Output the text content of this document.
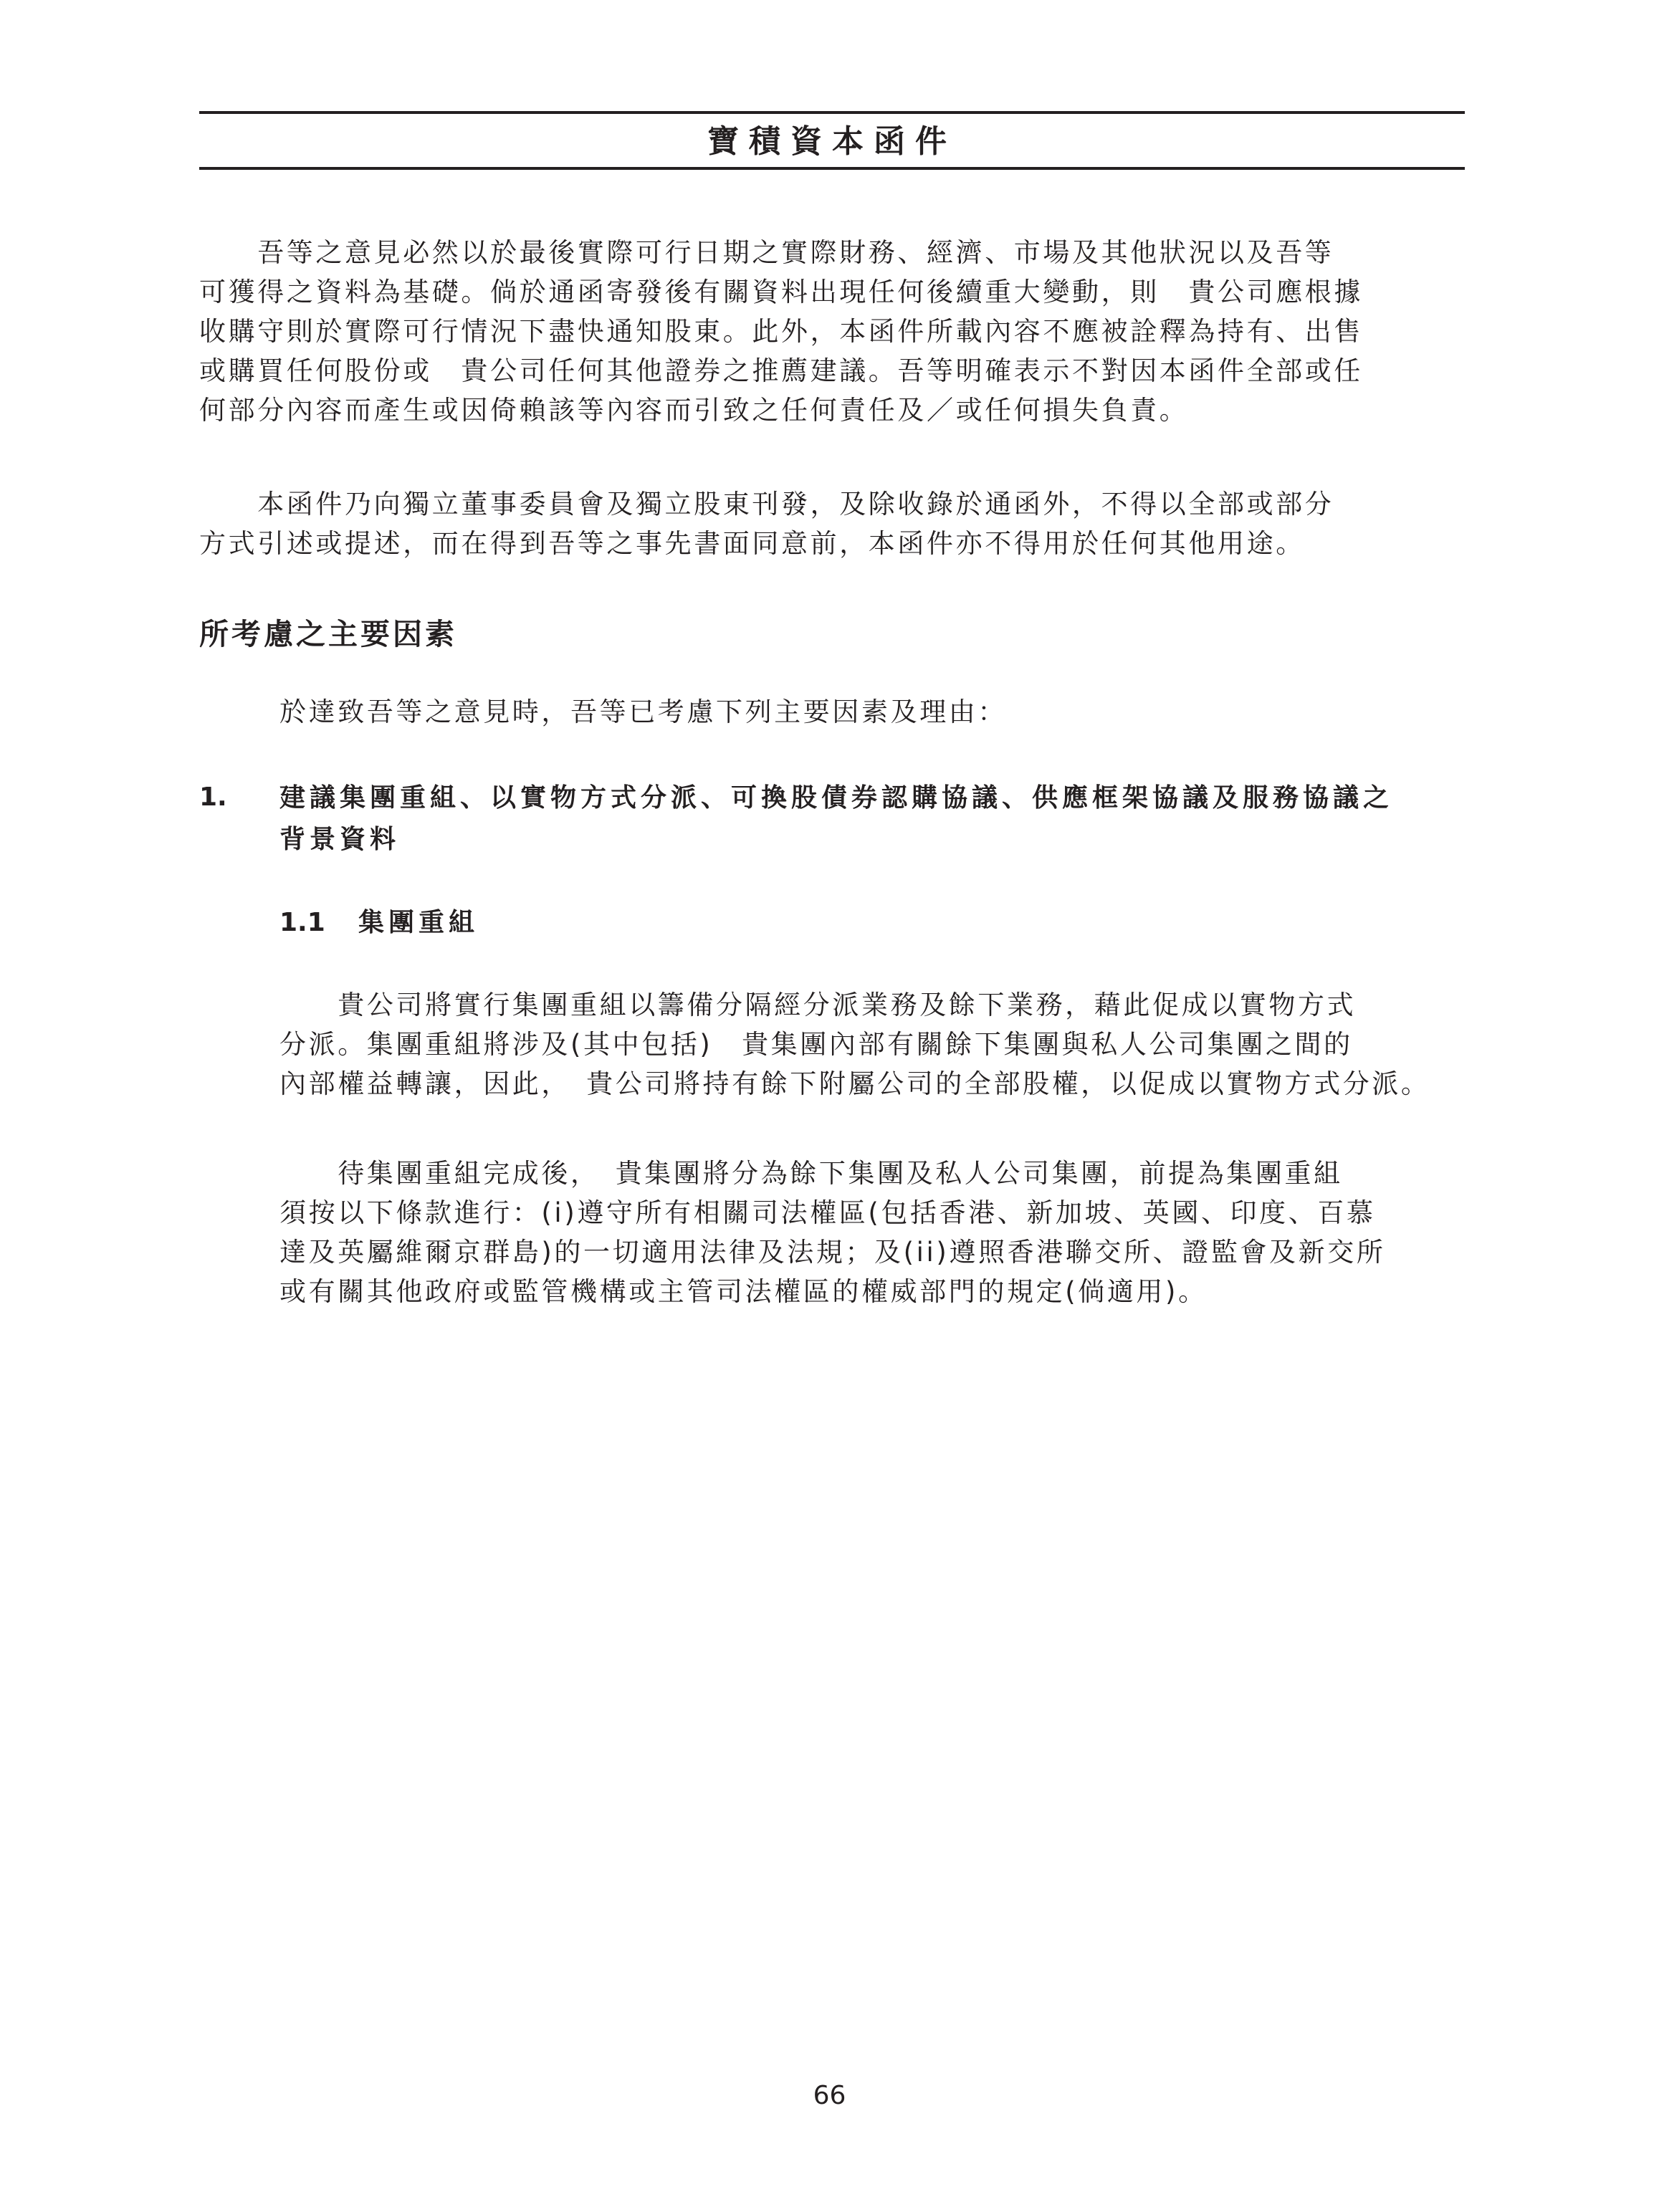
寶積資本函件

　　吾等之意見必然以於最後實際可行日期之實際財務、經濟、市場及其他狀況以及吾等
可獲得之資料為基礎。倘於通函寄發後有關資料出現任何後續重大變動，則　貴公司應根據
收購守則於實際可行情況下盡快通知股東。此外，本函件所載內容不應被詮釋為持有、出售
或購買任何股份或　貴公司任何其他證券之推薦建議。吾等明確表示不對因本函件全部或任
何部分內容而產生或因倚賴該等內容而引致之任何責任及／或任何損失負責。

　　本函件乃向獨立董事委員會及獨立股東刊發，及除收錄於通函外，不得以全部或部分
方式引述或提述，而在得到吾等之事先書面同意前，本函件亦不得用於任何其他用途。

所考慮之主要因素

於達致吾等之意見時，吾等已考慮下列主要因素及理由：

1. 建議集團重組、以實物方式分派、可換股債券認購協議、供應框架協議及服務協議之
背景資料
1.1 集團重組

　　貴公司將實行集團重組以籌備分隔經分派業務及餘下業務，藉此促成以實物方式
分派。集團重組將涉及(其中包括)　貴集團內部有關餘下集團與私人公司集團之間的
內部權益轉讓，因此，　貴公司將持有餘下附屬公司的全部股權，以促成以實物方式分派。

　　待集團重組完成後，　貴集團將分為餘下集團及私人公司集團，前提為集團重組
須按以下條款進行：(i)遵守所有相關司法權區(包括香港、新加坡、英國、印度、百慕
達及英屬維爾京群島)的一切適用法律及法規；及(ii)遵照香港聯交所、證監會及新交所
或有關其他政府或監管機構或主管司法權區的權威部門的規定(倘適用)。

66
